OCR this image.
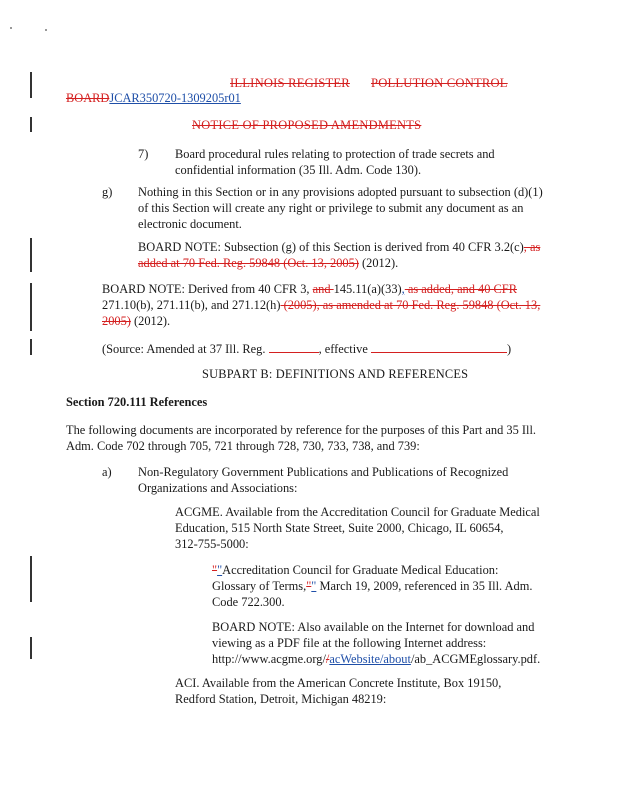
ILLINOIS REGISTER POLLUTION CONTROL
BOARDJCAR350720-1309205r01
NOTICE OF PROPOSED AMENDMENTS
7) Board procedural rules relating to protection of trade secrets and
confidential information (35 Ill. Adm. Code 130).
g) Nothing in this Section or in any provisions adopted pursuant to subsection (d)(1)
of this Section will create any right or privilege to submit any document as an
electronic document.
BOARD NOTE: Subsection (g) of this Section is derived from 40 CFR 3.2(c), as
added at 70 Fed. Reg. 59848 (Oct. 13, 2005) (2012).
BOARD NOTE: Derived from 40 CFR 3, and 145.11(a)(33), as added, and 40 CFR
271.10(b), 271.11(b), and 271.12(h) (2005), as amended at 70 Fed. Reg. 59848 (Oct. 13,
2005) (2012).
(Source: Amended at 37 Ill. Reg.	, effective	)
SUBPART B: DEFINITIONS AND REFERENCES
Section 720.111 References
The following documents are incorporated by reference for the purposes of this Part and 35 Ill.
Adm. Code 702 through 705, 721 through 728, 730, 733, 738, and 739:
a) Non-Regulatory Government Publications and Publications of Recognized
Organizations and Associations:
ACGME. Available from the Accreditation Council for Graduate Medical
Education, 515 North State Street, Suite 2000, Chicago, IL 60654,
312-755-5000:
""Accreditation Council for Graduate Medical Education:
Glossary of Terms,"" March 19, 2009, referenced in 35 Ill. Adm.
Code 722.300.
BOARD NOTE: Also available on the Internet for download and
viewing as a PDF file at the following Internet address:
http://www.acgme.org//acWebsite/about/ab_ACGMEglossary.pdf.
ACI. Available from the American Concrete Institute, Box 19150,
Redford Station, Detroit, Michigan 48219:
